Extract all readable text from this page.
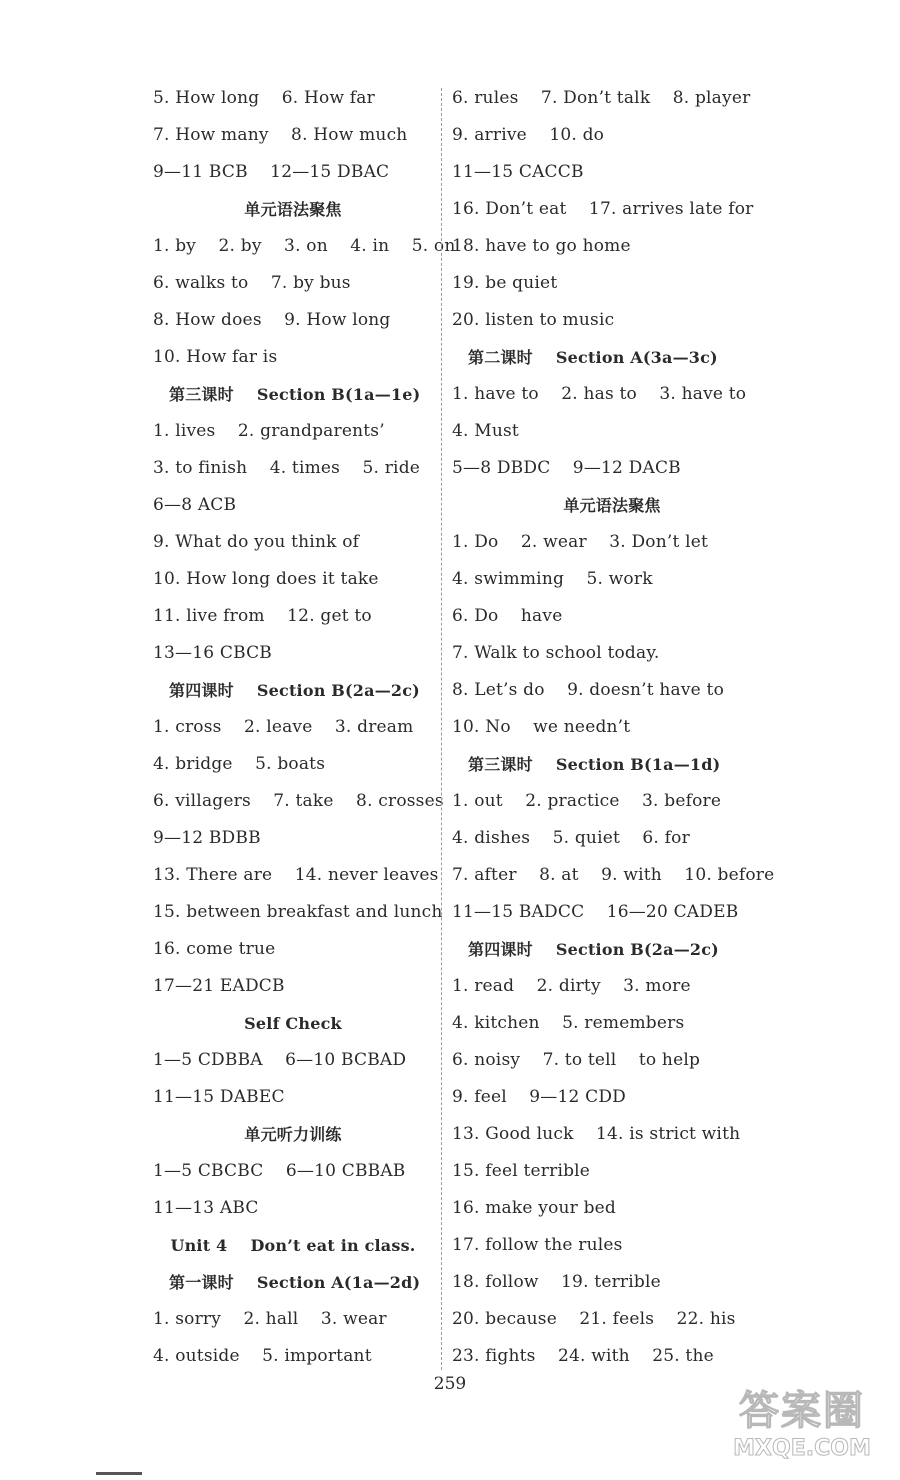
5. How long    6. How far
7. How many    8. How much
9—11 BCB    12—15 DBAC
单元语法聚焦
1. by    2. by    3. on    4. in    5. on
6. walks to    7. by bus
8. How does    9. How long
10. How far is
第三课时    Section B(1a—1e)
1. lives    2. grandparents’
3. to finish    4. times    5. ride
6—8 ACB
9. What do you think of
10. How long does it take
11. live from    12. get to
13—16 CBCB
第四课时    Section B(2a—2c)
1. cross    2. leave    3. dream
4. bridge    5. boats
6. villagers    7. take    8. crosses
9—12 BDBB
13. There are    14. never leaves
15. between breakfast and lunch
16. come true
17—21 EADCB
Self Check
1—5 CDBBA    6—10 BCBAD
11—15 DABEC
单元听力训练
1—5 CBCBC    6—10 CBBAB
11—13 ABC
Unit 4    Don’t eat in class.
第一课时    Section A(1a—2d)
1. sorry    2. hall    3. wear
4. outside    5. important
6. rules    7. Don’t talk    8. player
9. arrive    10. do
11—15 CACCB
16. Don’t eat    17. arrives late for
18. have to go home
19. be quiet
20. listen to music
第二课时    Section A(3a—3c)
1. have to    2. has to    3. have to
4. Must
5—8 DBDC    9—12 DACB
单元语法聚焦
1. Do    2. wear    3. Don’t let
4. swimming    5. work
6. Do    have
7. Walk to school today.
8. Let’s do    9. doesn’t have to
10. No    we needn’t
第三课时    Section B(1a—1d)
1. out    2. practice    3. before
4. dishes    5. quiet    6. for
7. after    8. at    9. with    10. before
11—15 BADCC    16—20 CADEB
第四课时    Section B(2a—2c)
1. read    2. dirty    3. more
4. kitchen    5. remembers
6. noisy    7. to tell    to help
9. feel    9—12 CDD
13. Good luck    14. is strict with
15. feel terrible
16. make your bed
17. follow the rules
18. follow    19. terrible
20. because    21. feels    22. his
23. fights    24. with    25. the
259
答案圈
MXQE.COM
